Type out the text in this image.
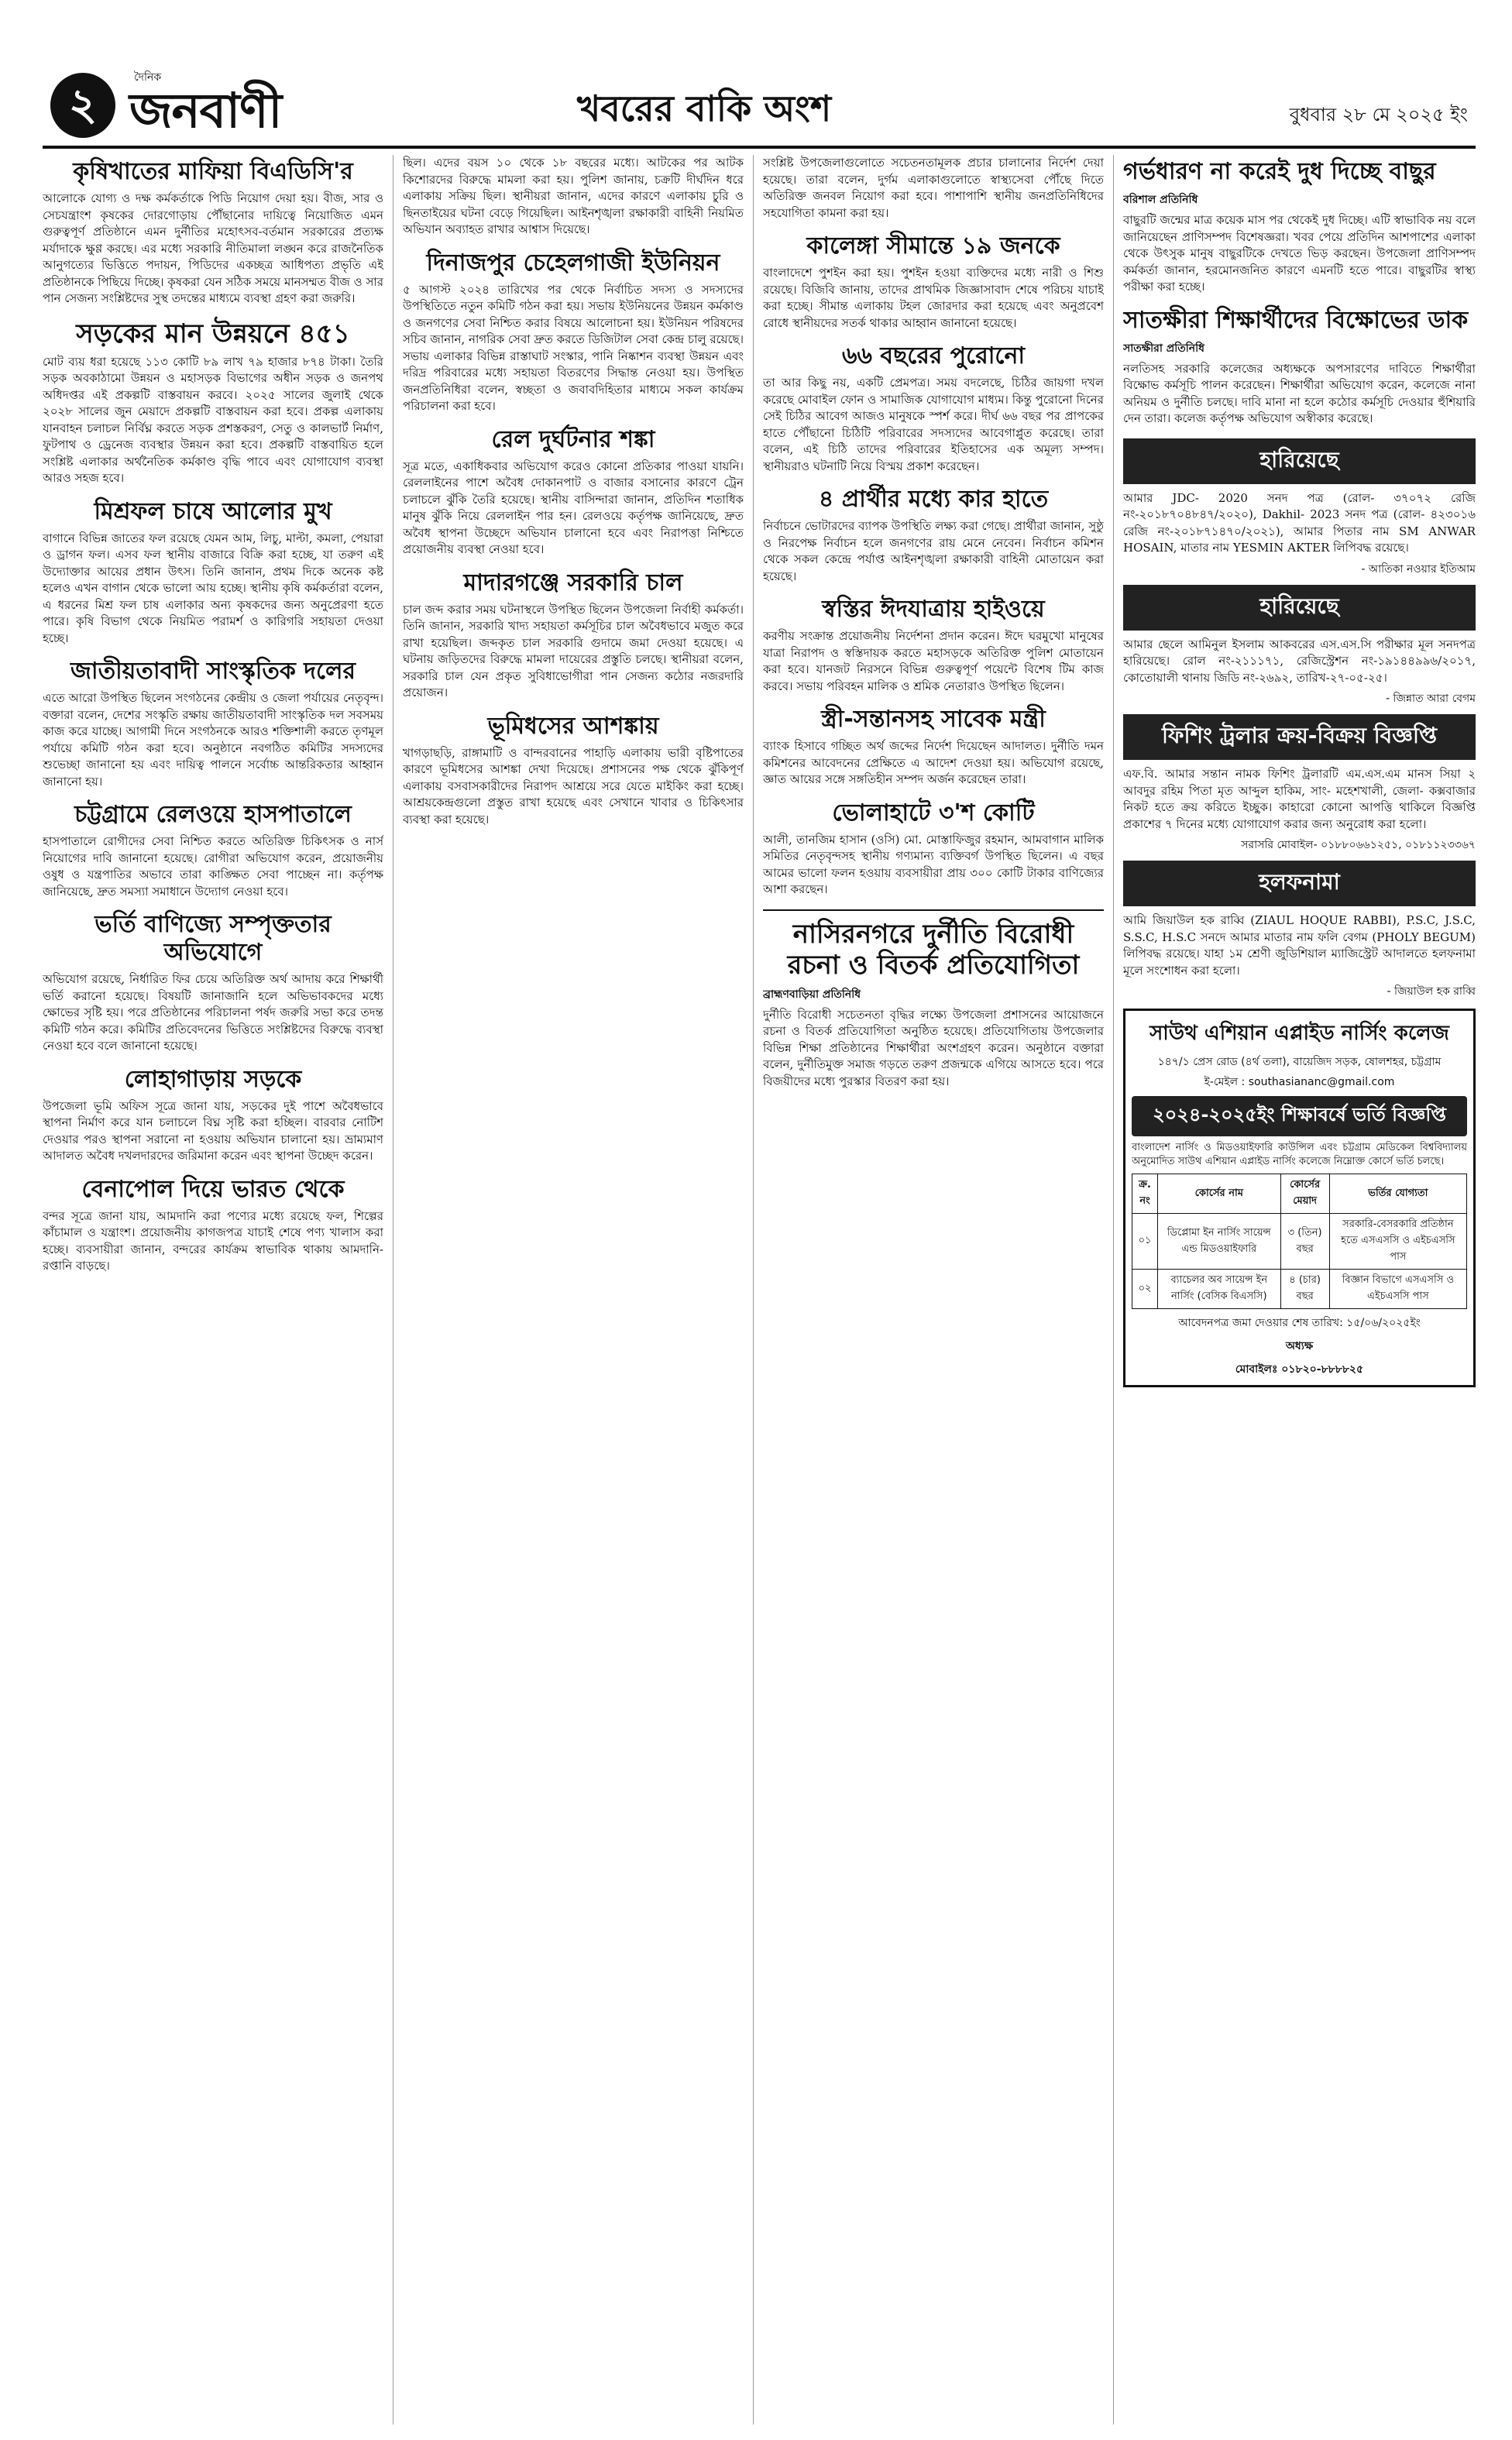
২
দৈনিক
জনবাণী	খবরের বাকি অংশ	বুধবার ২৮ মে ২০২৫ ইং
কৃষিখাতের মাফিয়া বিএডিসি'র

আলোকে যোগ্য ও দক্ষ কর্মকর্তাকে পিডি নিয়োগ দেয়া হয়। বীজ, সার ও সেচযন্ত্রাংশ কৃষকের দোরগোড়ায় পৌঁছানোর দায়িত্বে নিয়োজিত এমন গুরুত্বপূর্ণ প্রতিষ্ঠানে এমন দুর্নীতির মহোৎসব-বর্তমান সরকারের প্রত্যক্ষ মর্যাদাকে ক্ষুণ্ণ করছে। এর মধ্যে সরকারি নীতিমালা লঙ্ঘন করে রাজনৈতিক আনুগত্যের ভিত্তিতে পদায়ন, পিডিদের একচ্ছত্র আধিপত্য প্রভৃতি এই প্রতিষ্ঠানকে পিছিয়ে দিচ্ছে। কৃষকরা যেন সঠিক সময়ে মানসম্মত বীজ ও সার পান সেজন্য সংশ্লিষ্টদের সুস্থ তদন্তের মাধ্যমে ব্যবস্থা গ্রহণ করা জরুরি।

সড়কের মান উন্নয়নে ৪৫১

মোট ব্যয় ধরা হয়েছে ১১৩ কোটি ৮৯ লাখ ৭৯ হাজার ৮৭৪ টাকা। তৈরি সড়ক অবকাঠামো উন্নয়ন ও মহাসড়ক বিভাগের অধীন সড়ক ও জনপথ অধিদপ্তর এই প্রকল্পটি বাস্তবায়ন করবে। ২০২৫ সালের জুলাই থেকে ২০২৮ সালের জুন মেয়াদে প্রকল্পটি বাস্তবায়ন করা হবে। প্রকল্প এলাকায় যানবাহন চলাচল নির্বিঘ্ন করতে সড়ক প্রশস্তকরণ, সেতু ও কালভার্ট নির্মাণ, ফুটপাথ ও ড্রেনেজ ব্যবস্থার উন্নয়ন করা হবে। প্রকল্পটি বাস্তবায়িত হলে সংশ্লিষ্ট এলাকার অর্থনৈতিক কর্মকাণ্ড বৃদ্ধি পাবে এবং যোগাযোগ ব্যবস্থা আরও সহজ হবে।

মিশ্রফল চাষে আলোর মুখ

বাগানে বিভিন্ন জাতের ফল রয়েছে যেমন আম, লিচু, মাল্টা, কমলা, পেয়ারা ও ড্রাগন ফল। এসব ফল স্থানীয় বাজারে বিক্রি করা হচ্ছে, যা তরুণ এই উদ্যোক্তার আয়ের প্রধান উৎস। তিনি জানান, প্রথম দিকে অনেক কষ্ট হলেও এখন বাগান থেকে ভালো আয় হচ্ছে। স্থানীয় কৃষি কর্মকর্তারা বলেন, এ ধরনের মিশ্র ফল চাষ এলাকার অন্য কৃষকদের জন্য অনুপ্রেরণা হতে পারে। কৃষি বিভাগ থেকে নিয়মিত পরামর্শ ও কারিগরি সহায়তা দেওয়া হচ্ছে।

জাতীয়তাবাদী সাংস্কৃতিক দলের

এতে আরো উপস্থিত ছিলেন সংগঠনের কেন্দ্রীয় ও জেলা পর্যায়ের নেতৃবৃন্দ। বক্তারা বলেন, দেশের সংস্কৃতি রক্ষায় জাতীয়তাবাদী সাংস্কৃতিক দল সবসময় কাজ করে যাচ্ছে। আগামী দিনে সংগঠনকে আরও শক্তিশালী করতে তৃণমূল পর্যায়ে কমিটি গঠন করা হবে। অনুষ্ঠানে নবগঠিত কমিটির সদস্যদের শুভেচ্ছা জানানো হয় এবং দায়িত্ব পালনে সর্বোচ্চ আন্তরিকতার আহ্বান জানানো হয়।

চট্টগ্রামে রেলওয়ে হাসপাতালে

হাসপাতালে রোগীদের সেবা নিশ্চিত করতে অতিরিক্ত চিকিৎসক ও নার্স নিয়োগের দাবি জানানো হয়েছে। রোগীরা অভিযোগ করেন, প্রয়োজনীয় ওষুধ ও যন্ত্রপাতির অভাবে তারা কাঙ্ক্ষিত সেবা পাচ্ছেন না। কর্তৃপক্ষ জানিয়েছে, দ্রুত সমস্যা সমাধানে উদ্যোগ নেওয়া হবে।

ভর্তি বাণিজ্যে সম্পৃক্ততার অভিযোগে

অভিযোগ রয়েছে, নির্ধারিত ফির চেয়ে অতিরিক্ত অর্থ আদায় করে শিক্ষার্থী ভর্তি করানো হয়েছে। বিষয়টি জানাজানি হলে অভিভাবকদের মধ্যে ক্ষোভের সৃষ্টি হয়। পরে প্রতিষ্ঠানের পরিচালনা পর্ষদ জরুরি সভা করে তদন্ত কমিটি গঠন করে। কমিটির প্রতিবেদনের ভিত্তিতে সংশ্লিষ্টদের বিরুদ্ধে ব্যবস্থা নেওয়া হবে বলে জানানো হয়েছে।

লোহাগাড়ায় সড়কে

উপজেলা ভূমি অফিস সূত্রে জানা যায়, সড়কের দুই পাশে অবৈধভাবে স্থাপনা নির্মাণ করে যান চলাচলে বিঘ্ন সৃষ্টি করা হচ্ছিল। বারবার নোটিশ দেওয়ার পরও স্থাপনা সরানো না হওয়ায় অভিযান চালানো হয়। ভ্রাম্যমাণ আদালত অবৈধ দখলদারদের জরিমানা করেন এবং স্থাপনা উচ্ছেদ করেন।

বেনাপোল দিয়ে ভারত থেকে

বন্দর সূত্রে জানা যায়, আমদানি করা পণ্যের মধ্যে রয়েছে ফল, শিল্পের কাঁচামাল ও যন্ত্রাংশ। প্রয়োজনীয় কাগজপত্র যাচাই শেষে পণ্য খালাস করা হচ্ছে। ব্যবসায়ীরা জানান, বন্দরের কার্যক্রম স্বাভাবিক থাকায় আমদানি-রপ্তানি বাড়ছে।

ছিল। এদের বয়স ১০ থেকে ১৮ বছরের মধ্যে। আটকের পর আটক কিশোরদের বিরুদ্ধে মামলা করা হয়। পুলিশ জানায়, চক্রটি দীর্ঘদিন ধরে এলাকায় সক্রিয় ছিল। স্থানীয়রা জানান, এদের কারণে এলাকায় চুরি ও ছিনতাইয়ের ঘটনা বেড়ে গিয়েছিল। আইনশৃঙ্খলা রক্ষাকারী বাহিনী নিয়মিত অভিযান অব্যাহত রাখার আশ্বাস দিয়েছে।

দিনাজপুর চেহেলগাজী ইউনিয়ন

৫ আগস্ট ২০২৪ তারিখের পর থেকে নির্বাচিত সদস্য ও সদস্যদের উপস্থিতিতে নতুন কমিটি গঠন করা হয়। সভায় ইউনিয়নের উন্নয়ন কর্মকাণ্ড ও জনগণের সেবা নিশ্চিত করার বিষয়ে আলোচনা হয়। ইউনিয়ন পরিষদের সচিব জানান, নাগরিক সেবা দ্রুত করতে ডিজিটাল সেবা কেন্দ্র চালু রয়েছে। সভায় এলাকার বিভিন্ন রাস্তাঘাট সংস্কার, পানি নিষ্কাশন ব্যবস্থা উন্নয়ন এবং দরিদ্র পরিবারের মধ্যে সহায়তা বিতরণের সিদ্ধান্ত নেওয়া হয়। উপস্থিত জনপ্রতিনিধিরা বলেন, স্বচ্ছতা ও জবাবদিহিতার মাধ্যমে সকল কার্যক্রম পরিচালনা করা হবে।

রেল দুর্ঘটনার শঙ্কা

সূত্র মতে, একাধিকবার অভিযোগ করেও কোনো প্রতিকার পাওয়া যায়নি। রেললাইনের পাশে অবৈধ দোকানপাট ও বাজার বসানোর কারণে ট্রেন চলাচলে ঝুঁকি তৈরি হয়েছে। স্থানীয় বাসিন্দারা জানান, প্রতিদিন শতাধিক মানুষ ঝুঁকি নিয়ে রেললাইন পার হন। রেলওয়ে কর্তৃপক্ষ জানিয়েছে, দ্রুত অবৈধ স্থাপনা উচ্ছেদে অভিযান চালানো হবে এবং নিরাপত্তা নিশ্চিতে প্রয়োজনীয় ব্যবস্থা নেওয়া হবে।

মাদারগঞ্জে সরকারি চাল

চাল জব্দ করার সময় ঘটনাস্থলে উপস্থিত ছিলেন উপজেলা নির্বাহী কর্মকর্তা। তিনি জানান, সরকারি খাদ্য সহায়তা কর্মসূচির চাল অবৈধভাবে মজুত করে রাখা হয়েছিল। জব্দকৃত চাল সরকারি গুদামে জমা দেওয়া হয়েছে। এ ঘটনায় জড়িতদের বিরুদ্ধে মামলা দায়েরের প্রস্তুতি চলছে। স্থানীয়রা বলেন, সরকারি চাল যেন প্রকৃত সুবিধাভোগীরা পান সেজন্য কঠোর নজরদারি প্রয়োজন।

ভূমিধসের আশঙ্কায়

খাগড়াছড়ি, রাঙ্গামাটি ও বান্দরবানের পাহাড়ি এলাকায় ভারী বৃষ্টিপাতের কারণে ভূমিধসের আশঙ্কা দেখা দিয়েছে। প্রশাসনের পক্ষ থেকে ঝুঁকিপূর্ণ এলাকায় বসবাসকারীদের নিরাপদ আশ্রয়ে সরে যেতে মাইকিং করা হচ্ছে। আশ্রয়কেন্দ্রগুলো প্রস্তুত রাখা হয়েছে এবং সেখানে খাবার ও চিকিৎসার ব্যবস্থা করা হয়েছে।

সংশ্লিষ্ট উপজেলাগুলোতে সচেতনতামূলক প্রচার চালানোর নির্দেশ দেয়া হয়েছে। তারা বলেন, দুর্গম এলাকাগুলোতে স্বাস্থ্যসেবা পৌঁছে দিতে অতিরিক্ত জনবল নিয়োগ করা হবে। পাশাপাশি স্থানীয় জনপ্রতিনিধিদের সহযোগিতা কামনা করা হয়।

কালেঙ্গা সীমান্তে ১৯ জনকে

বাংলাদেশে পুশইন করা হয়। পুশইন হওয়া ব্যক্তিদের মধ্যে নারী ও শিশু রয়েছে। বিজিবি জানায়, তাদের প্রাথমিক জিজ্ঞাসাবাদ শেষে পরিচয় যাচাই করা হচ্ছে। সীমান্ত এলাকায় টহল জোরদার করা হয়েছে এবং অনুপ্রবেশ রোধে স্থানীয়দের সতর্ক থাকার আহ্বান জানানো হয়েছে।

৬৬ বছরের পুরোনো

তা আর কিছু নয়, একটি প্রেমপত্র। সময় বদলেছে, চিঠির জায়গা দখল করেছে মোবাইল ফোন ও সামাজিক যোগাযোগ মাধ্যম। কিন্তু পুরোনো দিনের সেই চিঠির আবেগ আজও মানুষকে স্পর্শ করে। দীর্ঘ ৬৬ বছর পর প্রাপকের হাতে পৌঁছানো চিঠিটি পরিবারের সদস্যদের আবেগাপ্লুত করেছে। তারা বলেন, এই চিঠি তাদের পরিবারের ইতিহাসের এক অমূল্য সম্পদ। স্থানীয়রাও ঘটনাটি নিয়ে বিস্ময় প্রকাশ করেছেন।

৪ প্রার্থীর মধ্যে কার হাতে

নির্বাচনে ভোটারদের ব্যাপক উপস্থিতি লক্ষ্য করা গেছে। প্রার্থীরা জানান, সুষ্ঠু ও নিরপেক্ষ নির্বাচন হলে জনগণের রায় মেনে নেবেন। নির্বাচন কমিশন থেকে সকল কেন্দ্রে পর্যাপ্ত আইনশৃঙ্খলা রক্ষাকারী বাহিনী মোতায়েন করা হয়েছে।

স্বস্তির ঈদযাত্রায় হাইওয়ে

করণীয় সংক্রান্ত প্রয়োজনীয় নির্দেশনা প্রদান করেন। ঈদে ঘরমুখো মানুষের যাত্রা নিরাপদ ও স্বস্তিদায়ক করতে মহাসড়কে অতিরিক্ত পুলিশ মোতায়েন করা হবে। যানজট নিরসনে বিভিন্ন গুরুত্বপূর্ণ পয়েন্টে বিশেষ টিম কাজ করবে। সভায় পরিবহন মালিক ও শ্রমিক নেতারাও উপস্থিত ছিলেন।

স্ত্রী-সন্তানসহ সাবেক মন্ত্রী

ব্যাংক হিসাবে গচ্ছিত অর্থ জব্দের নির্দেশ দিয়েছেন আদালত। দুর্নীতি দমন কমিশনের আবেদনের প্রেক্ষিতে এ আদেশ দেওয়া হয়। অভিযোগ রয়েছে, জ্ঞাত আয়ের সঙ্গে সঙ্গতিহীন সম্পদ অর্জন করেছেন তারা।

ভোলাহাটে ৩'শ কোটি

আলী, তানজিম হাসান (ওসি) মো. মোস্তাফিজুর রহমান, আমবাগান মালিক সমিতির নেতৃবৃন্দসহ স্থানীয় গণ্যমান্য ব্যক্তিবর্গ উপস্থিত ছিলেন। এ বছর আমের ভালো ফলন হওয়ায় ব্যবসায়ীরা প্রায় ৩০০ কোটি টাকার বাণিজ্যের আশা করছেন।

নাসিরনগরে দুর্নীতি বিরোধী রচনা ও বিতর্ক প্রতিযোগিতা
ব্রাহ্মণবাড়িয়া প্রতিনিধি

দুর্নীতি বিরোধী সচেতনতা বৃদ্ধির লক্ষ্যে উপজেলা প্রশাসনের আয়োজনে রচনা ও বিতর্ক প্রতিযোগিতা অনুষ্ঠিত হয়েছে। প্রতিযোগিতায় উপজেলার বিভিন্ন শিক্ষা প্রতিষ্ঠানের শিক্ষার্থীরা অংশগ্রহণ করেন। অনুষ্ঠানে বক্তারা বলেন, দুর্নীতিমুক্ত সমাজ গড়তে তরুণ প্রজন্মকে এগিয়ে আসতে হবে। পরে বিজয়ীদের মধ্যে পুরস্কার বিতরণ করা হয়।

গর্ভধারণ না করেই দুধ দিচ্ছে বাছুর
বরিশাল প্রতিনিধি

বাছুরটি জন্মের মাত্র কয়েক মাস পর থেকেই দুধ দিচ্ছে। এটি স্বাভাবিক নয় বলে জানিয়েছেন প্রাণিসম্পদ বিশেষজ্ঞরা। খবর পেয়ে প্রতিদিন আশপাশের এলাকা থেকে উৎসুক মানুষ বাছুরটিকে দেখতে ভিড় করছেন। উপজেলা প্রাণিসম্পদ কর্মকর্তা জানান, হরমোনজনিত কারণে এমনটি হতে পারে। বাছুরটির স্বাস্থ্য পরীক্ষা করা হচ্ছে।

সাতক্ষীরা শিক্ষার্থীদের বিক্ষোভের ডাক
সাতক্ষীরা প্রতিনিধি

নলতিসহ সরকারি কলেজের অধ্যক্ষকে অপসারণের দাবিতে শিক্ষার্থীরা বিক্ষোভ কর্মসূচি পালন করেছেন। শিক্ষার্থীরা অভিযোগ করেন, কলেজে নানা অনিয়ম ও দুর্নীতি চলছে। দাবি মানা না হলে কঠোর কর্মসূচি দেওয়ার হুঁশিয়ারি দেন তারা। কলেজ কর্তৃপক্ষ অভিযোগ অস্বীকার করেছে।

হারিয়েছে

আমার JDC- 2020 সনদ পত্র (রোল- ৩৭০৭২ রেজি নং-২০১৮৭০৪৮৪৭/২০২০), Dakhil- 2023 সনদ পত্র (রোল- ৪২৩০১৬ রেজি নং-২০১৮৭১৪৭০/২০২১), আমার পিতার নাম SM ANWAR HOSAIN, মাতার নাম YESMIN AKTER লিপিবদ্ধ রয়েছে।

- আতিকা নওয়ার ইতিআম
হারিয়েছে

আমার ছেলে আমিনুল ইসলাম আকবরের এস.এস.সি পরীক্ষার মূল সনদপত্র হারিয়েছে। রোল নং-২১১১৭১, রেজিস্ট্রেশন নং-১৯১৪৪৯৯৬/২০১৭, কোতোয়ালী থানায় জিডি নং-২৬৯২, তারিখ-২৭-০৫-২৫।

- জিন্নাত আরা বেগম
ফিশিং ট্রলার ক্রয়-বিক্রয় বিজ্ঞপ্তি

এফ.বি. আমার সন্তান নামক ফিশিং ট্রলারটি এম.এস.এম মানস সিয়া ২ আবদুর রহিম পিতা মৃত আব্দুল হাকিম, সাং- মহেশখালী, জেলা- কক্সবাজার নিকট হতে ক্রয় করিতে ইচ্ছুক। কাহারো কোনো আপত্তি থাকিলে বিজ্ঞপ্তি প্রকাশের ৭ দিনের মধ্যে যোগাযোগ করার জন্য অনুরোধ করা হলো।

সরাসরি মোবাইল- ০১৮৮০৬৬১২৫১, ০১৮১১২৩৩৬৭
হলফনামা

আমি জিয়াউল হক রাব্বি (ZIAUL HOQUE RABBI), P.S.C, J.S.C, S.S.C, H.S.C সনদে আমার মাতার নাম ফলি বেগম (PHOLY BEGUM) লিপিবদ্ধ রয়েছে। যাহা ১ম শ্রেণী জুডিশিয়াল ম্যাজিস্ট্রেট আদালতে হলফনামা মূলে সংশোধন করা হলো।

- জিয়াউল হক রাব্বি
সাউথ এশিয়ান এপ্লাইড নার্সিং কলেজ
১৪৭/১ প্রেস রোড (৪র্থ তলা), বায়েজিদ সড়ক, ষোলশহর, চট্টগ্রাম
ই-মেইল : southasiananc@gmail.com
২০২৪-২০২৫ইং শিক্ষাবর্ষে ভর্তি বিজ্ঞপ্তি

বাংলাদেশ নার্সিং ও মিডওয়াইফারি কাউন্সিল এবং চট্টগ্রাম মেডিকেল বিশ্ববিদ্যালয় অনুমোদিত সাউথ এশিয়ান এপ্লাইড নার্সিং কলেজে নিম্নোক্ত কোর্সে ভর্তি চলছে।

ক্র. নং	কোর্সের নাম	কোর্সের মেয়াদ	ভর্তির যোগ্যতা
০১	ডিপ্লোমা ইন নার্সিং সায়েন্স এন্ড মিডওয়াইফারি	৩ (তিন) বছর	সরকারি-বেসরকারি প্রতিষ্ঠান হতে এসএসসি ও এইচএসসি পাস
০২	ব্যাচেলর অব সায়েন্স ইন নার্সিং (বেসিক বিএসসি)	৪ (চার) বছর	বিজ্ঞান বিভাগে এসএসসি ও এইচএসসি পাস
আবেদনপত্র জমা দেওয়ার শেষ তারিখ: ১৫/০৬/২০২৫ইং
অধ্যক্ষ
মোবাইলঃ ০১৮২০-৮৮৮৮২৫
